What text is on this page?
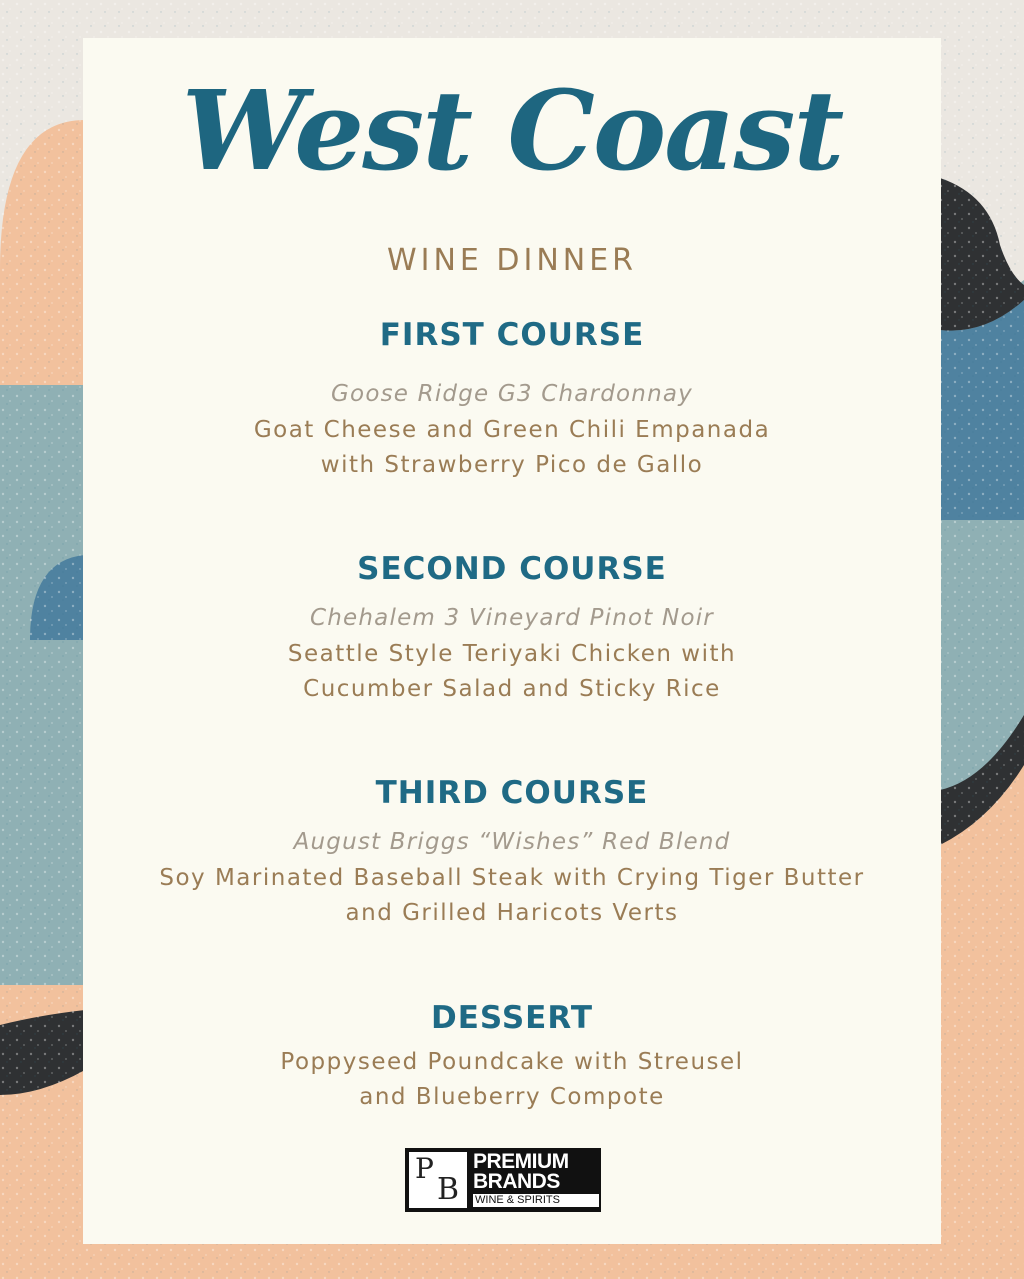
West Coast
WINE DINNER
FIRST COURSE
Goose Ridge G3 Chardonnay
Goat Cheese and Green Chili Empanada
with Strawberry Pico de Gallo
SECOND COURSE
Chehalem 3 Vineyard Pinot Noir
Seattle Style Teriyaki Chicken with
Cucumber Salad and Sticky Rice
THIRD COURSE
August Briggs “Wishes” Red Blend
Soy Marinated Baseball Steak with Crying Tiger Butter
and Grilled Haricots Verts
DESSERT
Poppyseed Poundcake with Streusel
and Blueberry Compote
P
B
PREMIUM
BRANDS
WINE & SPIRITS
